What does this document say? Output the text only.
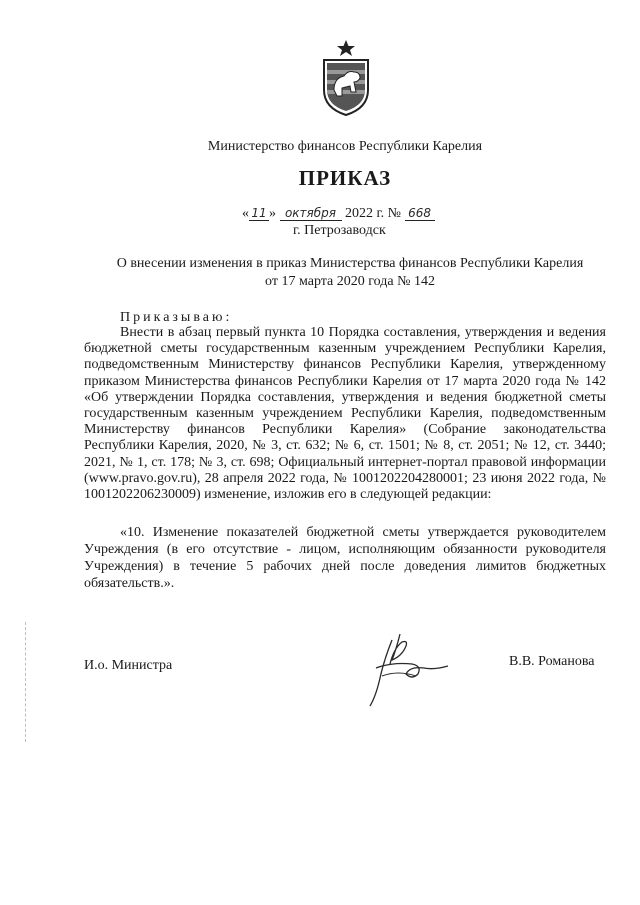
Министерство финансов Республики Карелия
ПРИКАЗ
« 11 » октября 2022 г. № 668
г. Петрозаводск
О внесении изменения в приказ Министерства финансов Республики Карелия
от 17 марта 2020 года № 142
Приказываю:

Внести в абзац первый пункта 10 Порядка составления, утверждения и ведения бюджетной сметы государственным казенным учреждением Республики Карелия, подведомственным Министерству финансов Республики Карелия, утвержденному приказом Министерства финансов Республики Карелия от 17 марта 2020 года № 142 «Об утверждении Порядка составления, утверждения и ведения бюджетной сметы государственным казенным учреждением Республики Карелия, подведомственным Министерству финансов Республики Карелия» (Собрание законодательства Республики Карелия, 2020, № 3, ст. 632; № 6, ст. 1501; № 8, ст. 2051; № 12, ст. 3440; 2021, № 1, ст. 178; № 3, ст. 698; Официальный интернет-портал правовой информации (www.pravo.gov.ru), 28 апреля 2022 года, № 1001202204280001; 23 июня 2022 года, № 1001202206230009) изменение, изложив его в следующей редакции:

«10. Изменение показателей бюджетной сметы утверждается руководителем Учреждения (в его отсутствие - лицом, исполняющим обязанности руководителя Учреждения) в течение 5 рабочих дней после доведения лимитов бюджетных обязательств.».

И.о. Министра	В.В. Романова
